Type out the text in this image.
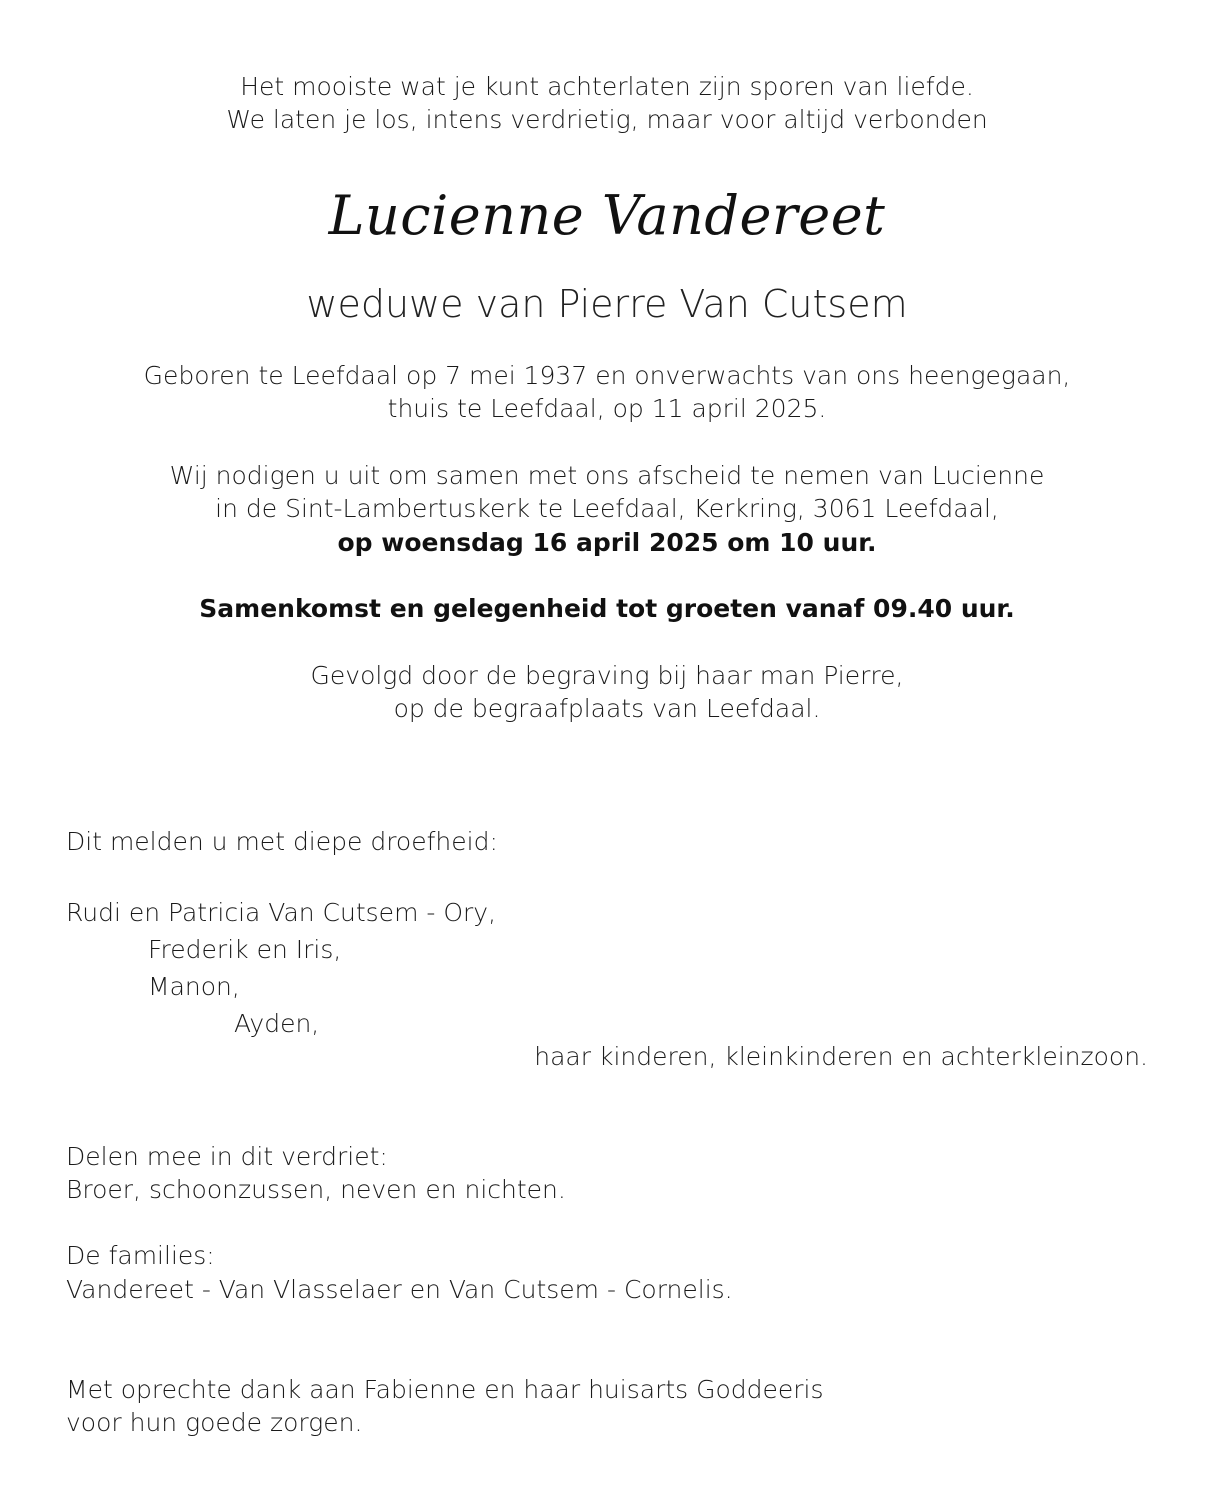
Het mooiste wat je kunt achterlaten zijn sporen van liefde.

We laten je los, intens verdrietig, maar voor altijd verbonden

Lucienne Vandereet

weduwe van Pierre Van Cutsem

Geboren te Leefdaal op 7 mei 1937 en onverwachts van ons heengegaan,

thuis te Leefdaal, op 11 april 2025.

Wij nodigen u uit om samen met ons afscheid te nemen van Lucienne

in de Sint-Lambertuskerk te Leefdaal, Kerkring, 3061 Leefdaal,

op woensdag 16 april 2025 om 10 uur.

Samenkomst en gelegenheid tot groeten vanaf 09.40 uur.

Gevolgd door de begraving bij haar man Pierre,

op de begraafplaats van Leefdaal.

Dit melden u met diepe droefheid:

Rudi en Patricia Van Cutsem - Ory,

Frederik en Iris,

Manon,

Ayden,

haar kinderen, kleinkinderen en achterkleinzoon.

Delen mee in dit verdriet:

Broer, schoonzussen, neven en nichten.

De families:

Vandereet - Van Vlasselaer en Van Cutsem - Cornelis.

Met oprechte dank aan Fabienne en haar huisarts Goddeeris

voor hun goede zorgen.
